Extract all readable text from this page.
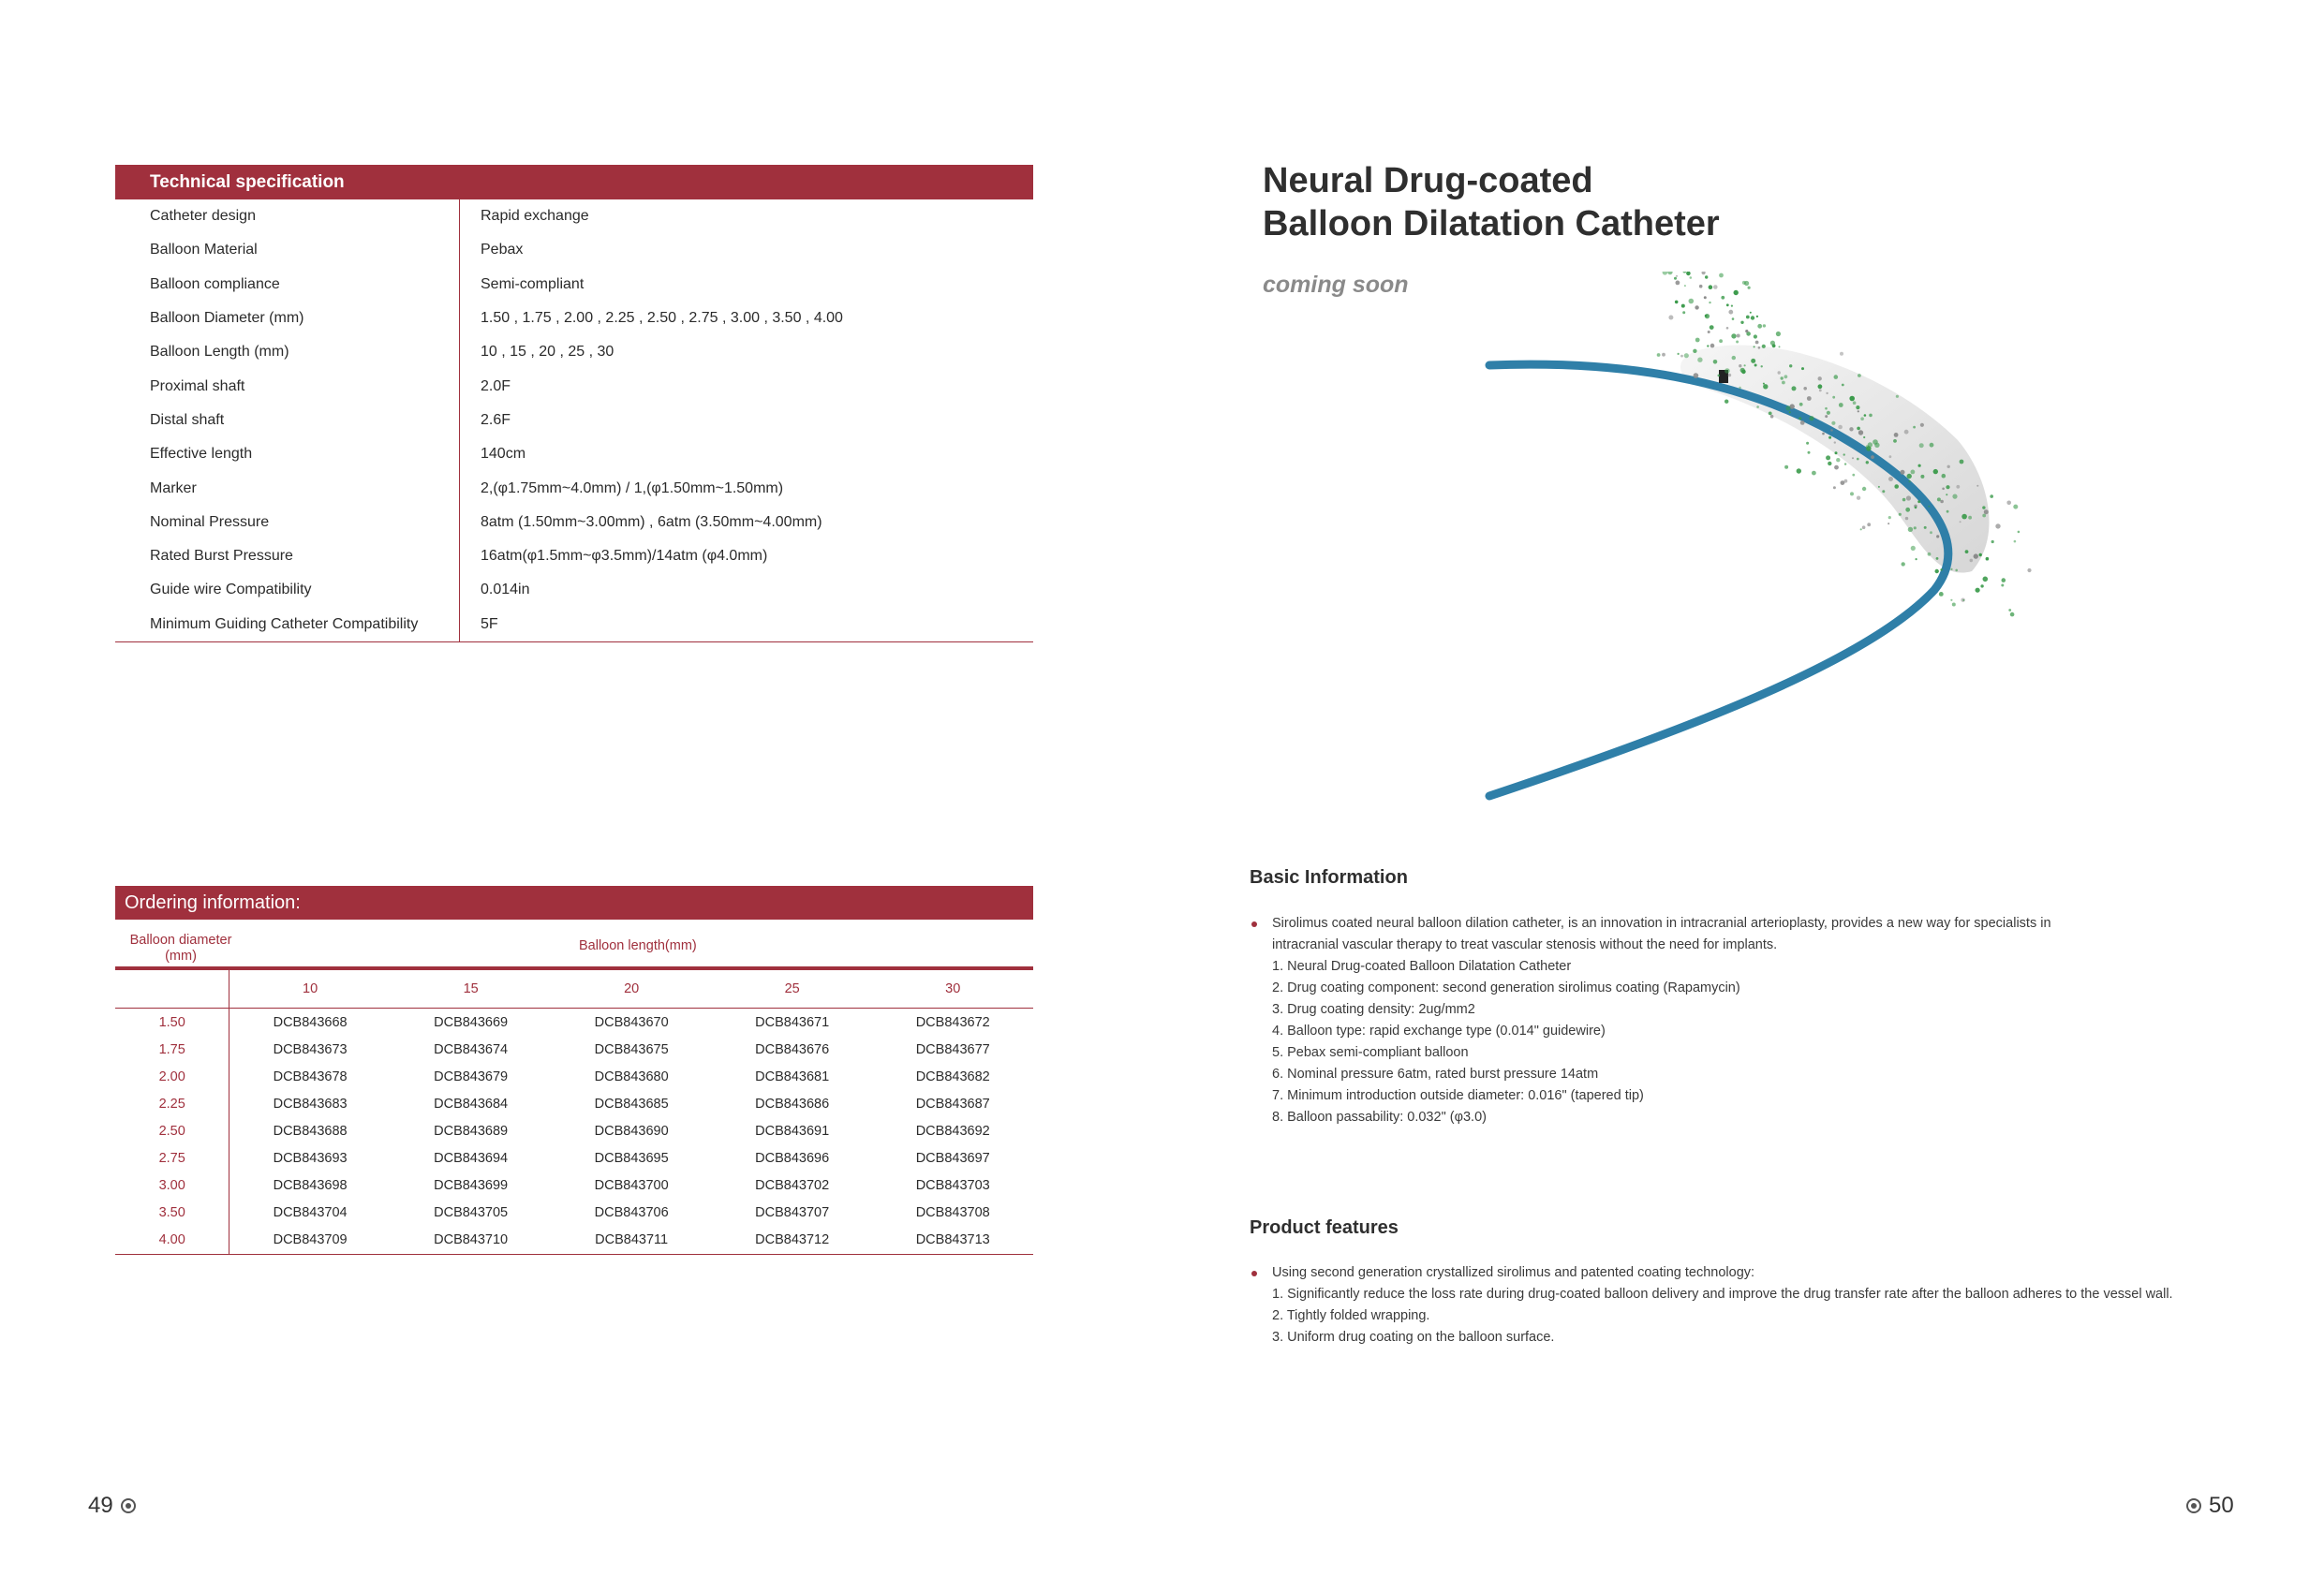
Technical specification
Catheter design	Rapid exchange
Balloon Material	Pebax
Balloon compliance	Semi-compliant
Balloon Diameter (mm)	1.50 , 1.75 , 2.00 , 2.25 , 2.50 , 2.75 , 3.00 , 3.50 , 4.00
Balloon Length (mm)	10 , 15 , 20 , 25 , 30
Proximal shaft	2.0F
Distal shaft	2.6F
Effective length	140cm
Marker	2,(φ1.75mm~4.0mm) / 1,(φ1.50mm~1.50mm)
Nominal Pressure	8atm (1.50mm~3.00mm) , 6atm (3.50mm~4.00mm)
Rated Burst Pressure	16atm(φ1.5mm~φ3.5mm)/14atm (φ4.0mm)
Guide wire Compatibility	0.014in
Minimum Guiding Catheter Compatibility	5F
Ordering information:
Balloon diameter
(mm)
Balloon length(mm)
	10	15	20	25	30
1.50	DCB843668	DCB843669	DCB843670	DCB843671	DCB843672
1.75	DCB843673	DCB843674	DCB843675	DCB843676	DCB843677
2.00	DCB843678	DCB843679	DCB843680	DCB843681	DCB843682
2.25	DCB843683	DCB843684	DCB843685	DCB843686	DCB843687
2.50	DCB843688	DCB843689	DCB843690	DCB843691	DCB843692
2.75	DCB843693	DCB843694	DCB843695	DCB843696	DCB843697
3.00	DCB843698	DCB843699	DCB843700	DCB843702	DCB843703
3.50	DCB843704	DCB843705	DCB843706	DCB843707	DCB843708
4.00	DCB843709	DCB843710	DCB843711	DCB843712	DCB843713
Neural Drug-coated
Balloon Dilatation Catheter
coming soon
Basic Information
Sirolimus coated neural balloon dilation catheter, is an innovation in intracranial arterioplasty, provides a new way for specialists in
intracranial vascular therapy to treat vascular stenosis without the need for implants.
1. Neural Drug-coated Balloon Dilatation Catheter
2. Drug coating component: second generation sirolimus coating (Rapamycin)
3. Drug coating density: 2ug/mm2
4. Balloon type: rapid exchange type (0.014" guidewire)
5. Pebax semi-compliant balloon
6. Nominal pressure 6atm, rated burst pressure 14atm
7. Minimum introduction outside diameter: 0.016" (tapered tip)
8. Balloon passability: 0.032" (φ3.0)
Product features
Using second generation crystallized sirolimus and patented coating technology:
1. Significantly reduce the loss rate during drug-coated balloon delivery and improve the drug transfer rate after the balloon adheres to the vessel wall.
2. Tightly folded wrapping.
3. Uniform drug coating on the balloon surface.
49	50
